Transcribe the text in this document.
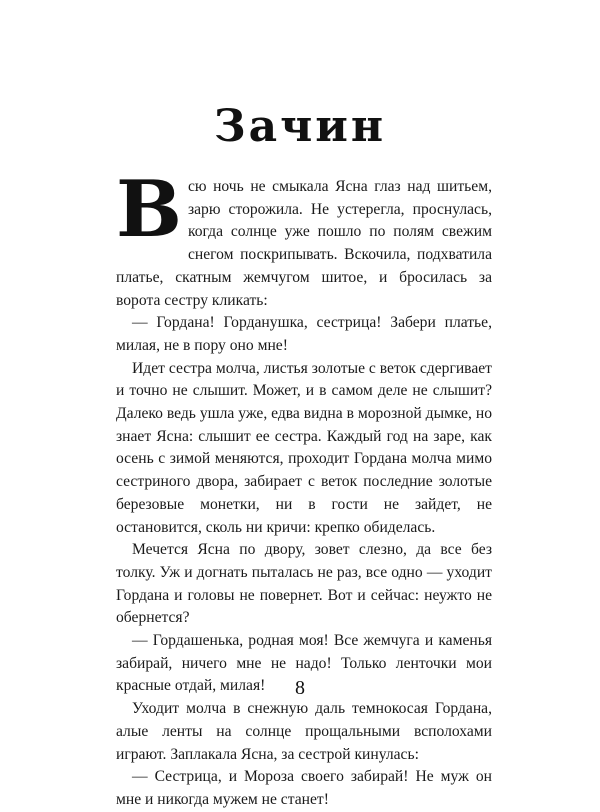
Зачин

Всю ночь не смыкала Ясна глаз над шитьем, зарю сторожила. Не устерегла, проснулась, когда солнце уже пошло по полям свежим снегом поскрипывать. Вскочила, подхватила платье, скатным жемчугом шитое, и бросилась за ворота сестру кликать:

— Гордана! Горданушка, сестрица! Забери платье, милая, не в пору оно мне!

Идет сестра молча, листья золотые с веток сдергивает и точно не слышит. Может, и в самом деле не слышит? Далеко ведь ушла уже, едва видна в морозной дымке, но знает Ясна: слышит ее сестра. Каждый год на заре, как осень с зимой меняются, проходит Гордана молча мимо сестриного двора, забирает с веток последние золотые березовые монетки, ни в гости не зайдет, не остановится, сколь ни кричи: крепко обиделась.

Мечется Ясна по двору, зовет слезно, да все без толку. Уж и догнать пыталась не раз, все одно — уходит Гордана и головы не повернет. Вот и сейчас: неужто не обернется?

— Гордашенька, родная моя! Все жемчуга и каменья забирай, ничего мне не надо! Только ленточки мои красные отдай, милая!

Уходит молча в снежную даль темнокосая Гордана, алые ленты на солнце прощальными всполохами играют. Заплакала Ясна, за сестрой кинулась:

— Сестрица, и Мороза своего забирай! Не муж он мне и никогда мужем не станет!

8
